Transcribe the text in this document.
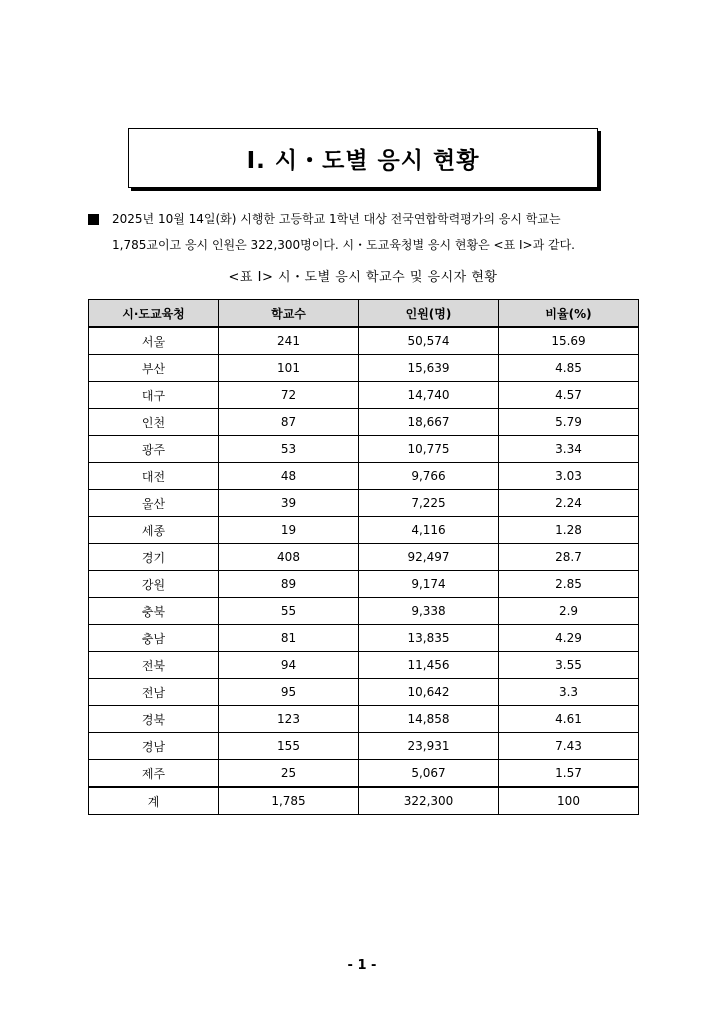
I. 시・도별 응시 현황
2025년 10월 14일(화) 시행한 고등학교 1학년 대상 전국연합학력평가의 응시 학교는
1,785교이고 응시 인원은 322,300명이다. 시・도교육청별 응시 현황은 <표 Ⅰ>과 같다.
<표 Ⅰ> 시・도별 응시 학교수 및 응시자 현황
시·도교육청	학교수	인원(명)	비율(%)
서울	241	50,574	15.69
부산	101	15,639	4.85
대구	72	14,740	4.57
인천	87	18,667	5.79
광주	53	10,775	3.34
대전	48	9,766	3.03
울산	39	7,225	2.24
세종	19	4,116	1.28
경기	408	92,497	28.7
강원	89	9,174	2.85
충북	55	9,338	2.9
충남	81	13,835	4.29
전북	94	11,456	3.55
전남	95	10,642	3.3
경북	123	14,858	4.61
경남	155	23,931	7.43
제주	25	5,067	1.57
계	1,785	322,300	100
- 1 -
